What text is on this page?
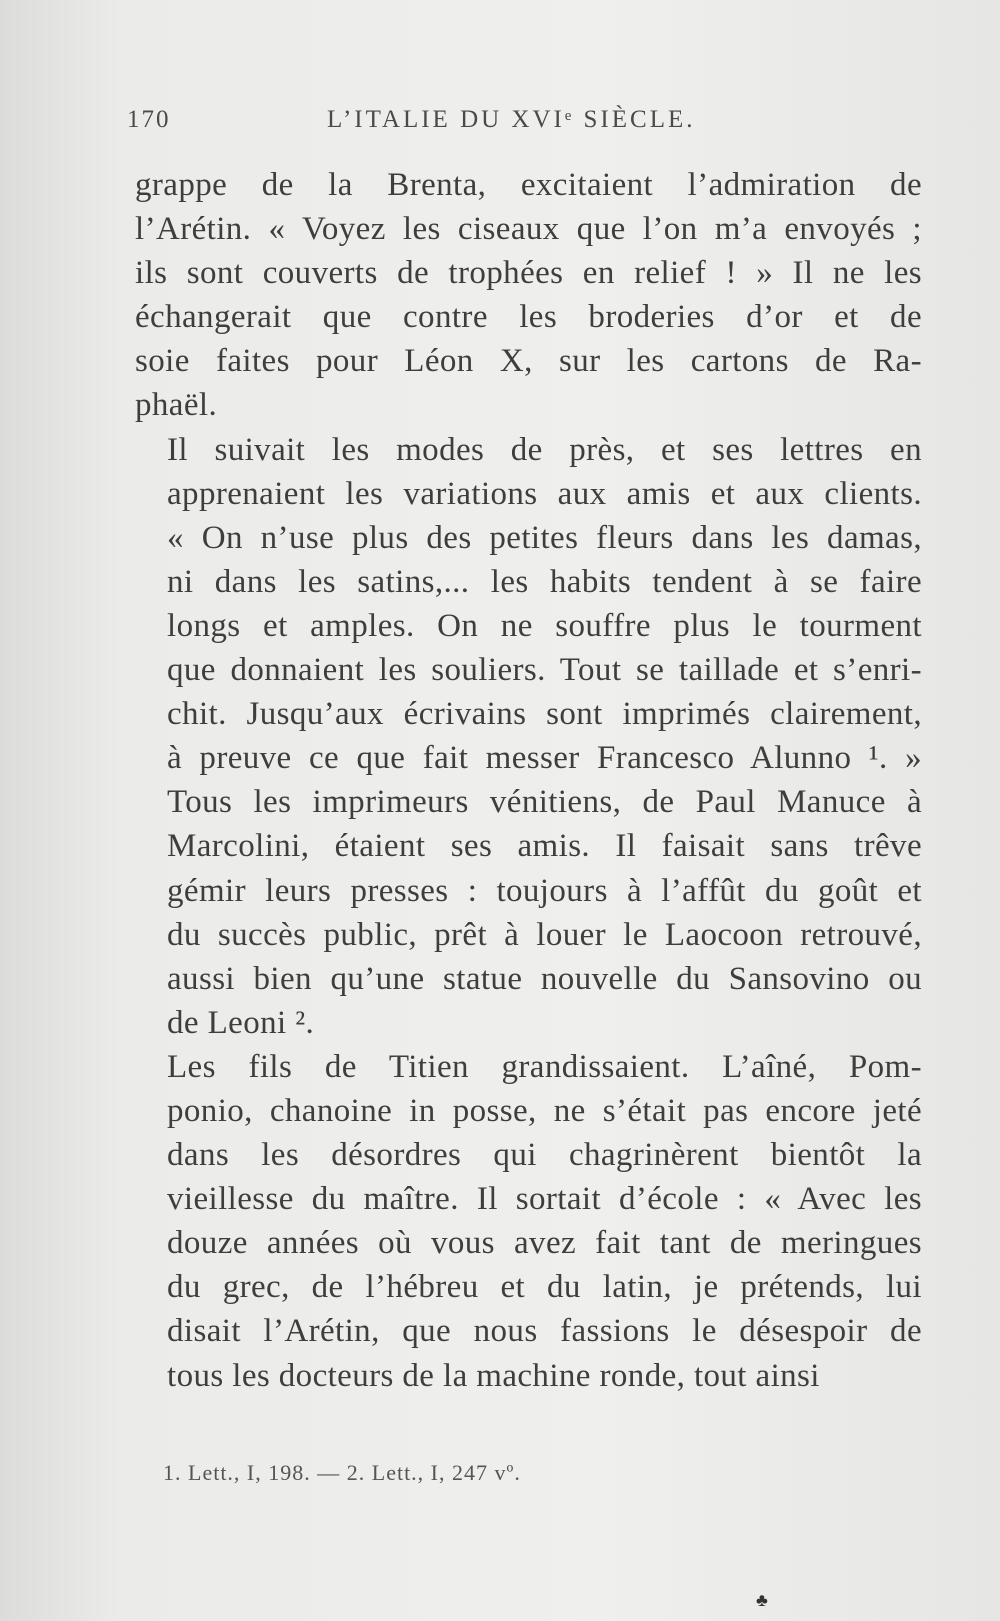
170	L’ITALIE DU XVIᵉ SIÈCLE.

grappe de la Brenta, excitaient l’admiration de
l’Arétin. « Voyez les ciseaux que l’on m’a envoyés ;
ils sont couverts de trophées en relief ! » Il ne les
échangerait que contre les broderies d’or et de
soie faites pour Léon X, sur les cartons de Ra-
phaël.

Il suivait les modes de près, et ses lettres en
apprenaient les variations aux amis et aux clients.
« On n’use plus des petites fleurs dans les damas,
ni dans les satins,... les habits tendent à se faire
longs et amples. On ne souffre plus le tourment
que donnaient les souliers. Tout se taillade et s’enri-
chit. Jusqu’aux écrivains sont imprimés clairement,
à preuve ce que fait messer Francesco Alunno ¹. »
Tous les imprimeurs vénitiens, de Paul Manuce à
Marcolini, étaient ses amis. Il faisait sans trêve
gémir leurs presses : toujours à l’affût du goût et
du succès public, prêt à louer le Laocoon retrouvé,
aussi bien qu’une statue nouvelle du Sansovino ou
de Leoni ².

Les fils de Titien grandissaient. L’aîné, Pom-
ponio, chanoine in posse, ne s’était pas encore jeté
dans les désordres qui chagrinèrent bientôt la
vieillesse du maître. Il sortait d’école : « Avec les
douze années où vous avez fait tant de meringues
du grec, de l’hébreu et du latin, je prétends, lui
disait l’Arétin, que nous fassions le désespoir de
tous les docteurs de la machine ronde, tout ainsi

1. Lett., I, 198. — 2. Lett., I, 247 vº.
♣
